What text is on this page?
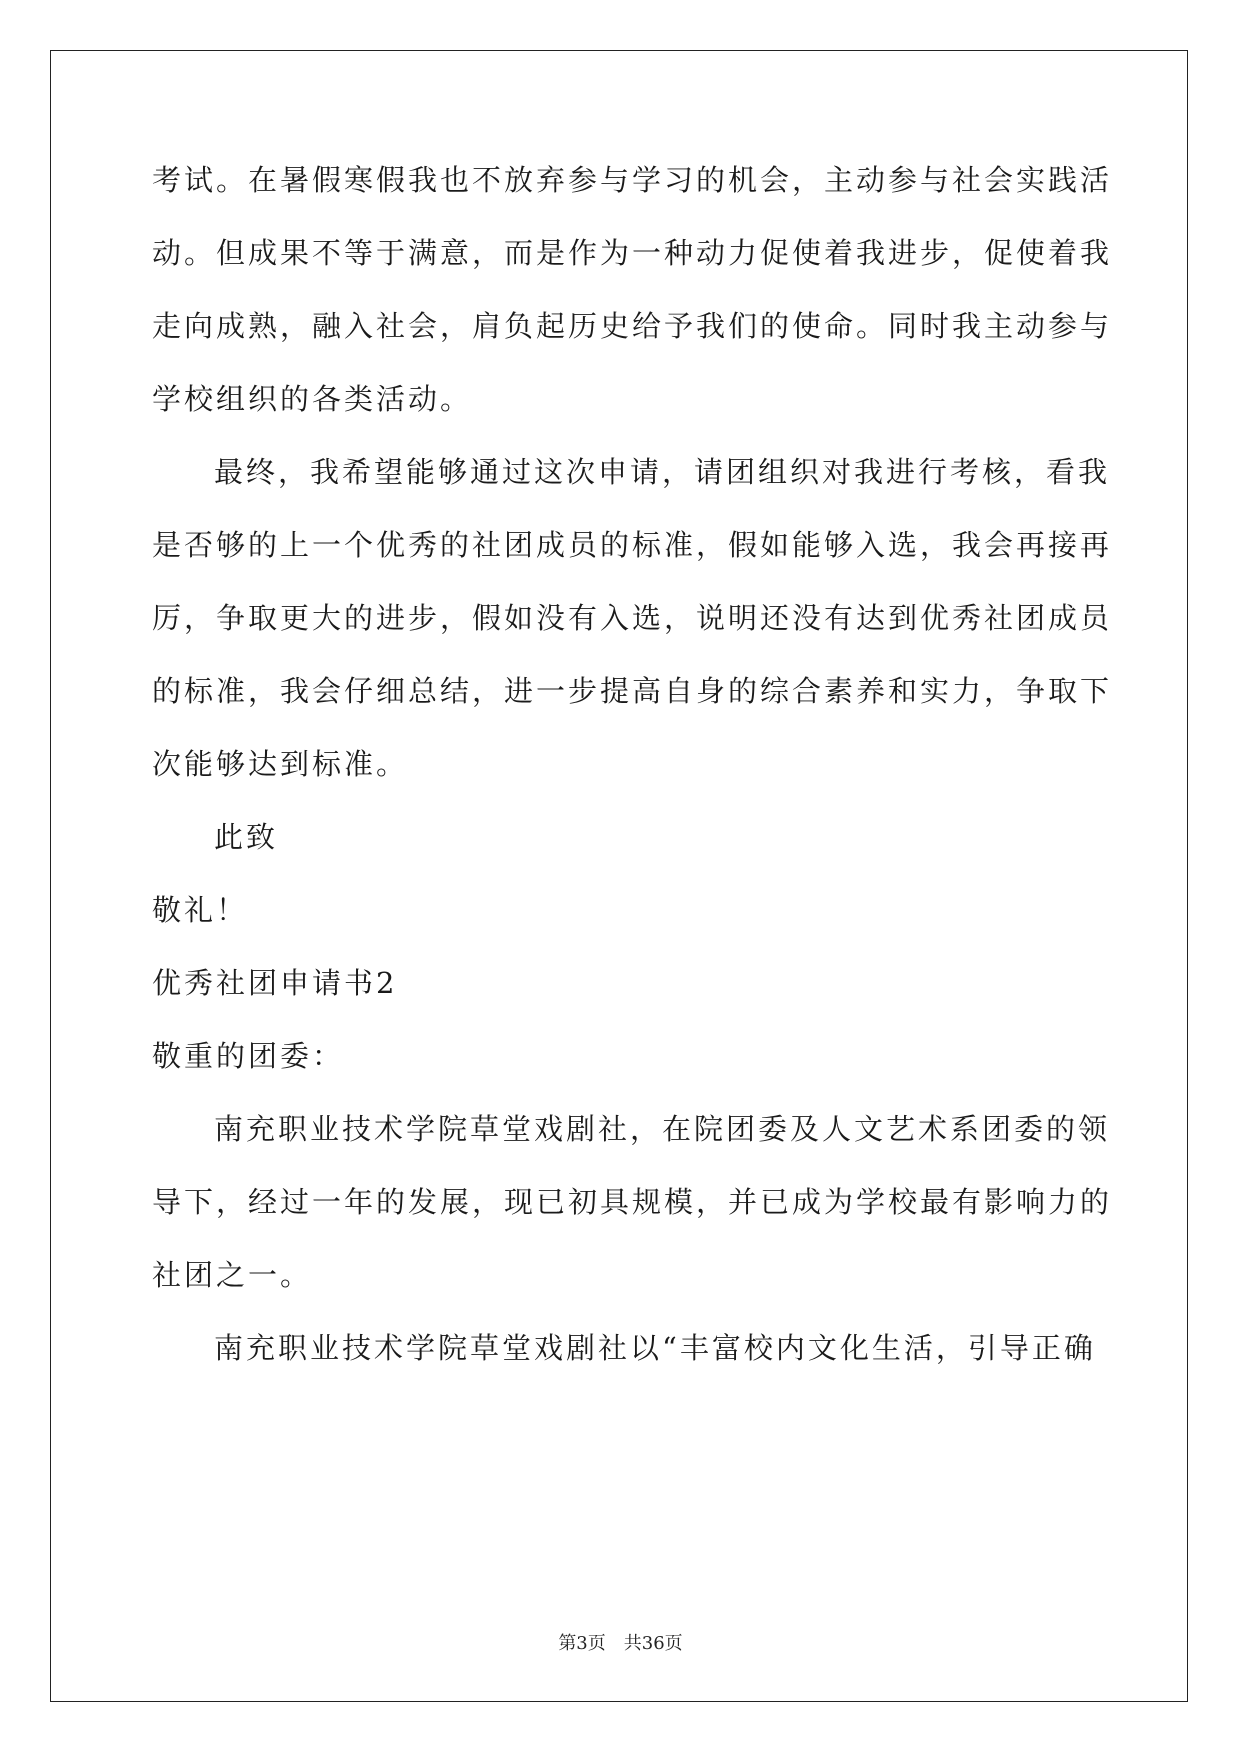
考试。在暑假寒假我也不放弃参与学习的机会，主动参与社会实践活
动。但成果不等于满意，而是作为一种动力促使着我进步，促使着我
走向成熟，融入社会，肩负起历史给予我们的使命。同时我主动参与
学校组织的各类活动。
最终，我希望能够通过这次申请，请团组织对我进行考核，看我
是否够的上一个优秀的社团成员的标准，假如能够入选，我会再接再
厉，争取更大的进步，假如没有入选，说明还没有达到优秀社团成员
的标准，我会仔细总结，进一步提高自身的综合素养和实力，争取下
次能够达到标准。
此致
敬礼！
优秀社团申请书2
敬重的团委：
南充职业技术学院草堂戏剧社，在院团委及人文艺术系团委的领
导下，经过一年的发展，现已初具规模，并已成为学校最有影响力的
社团之一。
南充职业技术学院草堂戏剧社以“丰富校内文化生活，引导正确
第3页 共36页
